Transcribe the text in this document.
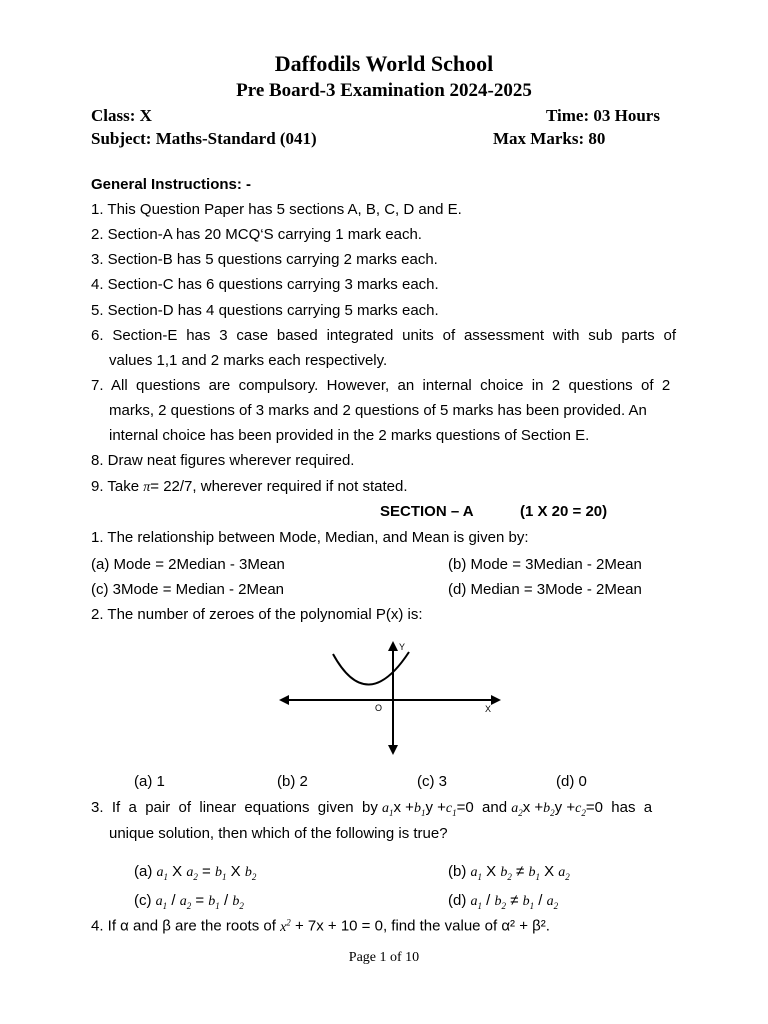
Daffodils World School
Pre Board-3 Examination 2024-2025
Class: X	Time: 03 Hours
Subject: Maths-Standard (041)	Max Marks: 80
General Instructions: -
1. This Question Paper has 5 sections A, B, C, D and E.
2. Section-A has 20 MCQ‘S carrying 1 mark each.
3. Section-B has 5 questions carrying 2 marks each.
4. Section-C has 6 questions carrying 3 marks each.
5. Section-D has 4 questions carrying 5 marks each.
6.  Section-E  has  3  case  based  integrated  units  of  assessment  with  sub  parts  of
values 1,1 and 2 marks each respectively.
7.  All  questions  are  compulsory.  However,  an  internal  choice  in  2  questions  of  2
marks, 2 questions of 3 marks and 2 questions of 5 marks has been provided. An
internal choice has been provided in the 2 marks questions of Section E.
8. Draw neat figures wherever required.
9. Take π= 22/7, wherever required if not stated.
SECTION – A	(1 X 20 = 20)
1. The relationship between Mode, Median, and Mean is given by:
(a) Mode = 2Median - 3Mean	(b) Mode = 3Median - 2Mean
(c) 3Mode = Median - 2Mean	(d) Median = 3Mode - 2Mean
2. The number of zeroes of the polynomial P(x) is:
Y
X
O
(a) 1	(b) 2	(c) 3	(d) 0
3.  If  a  pair  of  linear  equations  given  by $a_1x +b_1y +c_1=0$  and $a_2x +b_2y +c_2=0$  has  a
unique solution, then which of the following is true?
(a) $a_1$ X $a_2 = b_1$ X $b_2$	(b) $a_1$ X $b_2 \ne b_1$ X $a_2$
(c) $a_1 / a_2 = b_1 / b_2$	(d) $a_1 / b_2 \ne b_1 / a_2$
4. If α and β are the roots of $x^2 + 7x + 10 = 0$, find the value of α² + β².
Page 1 of 10
